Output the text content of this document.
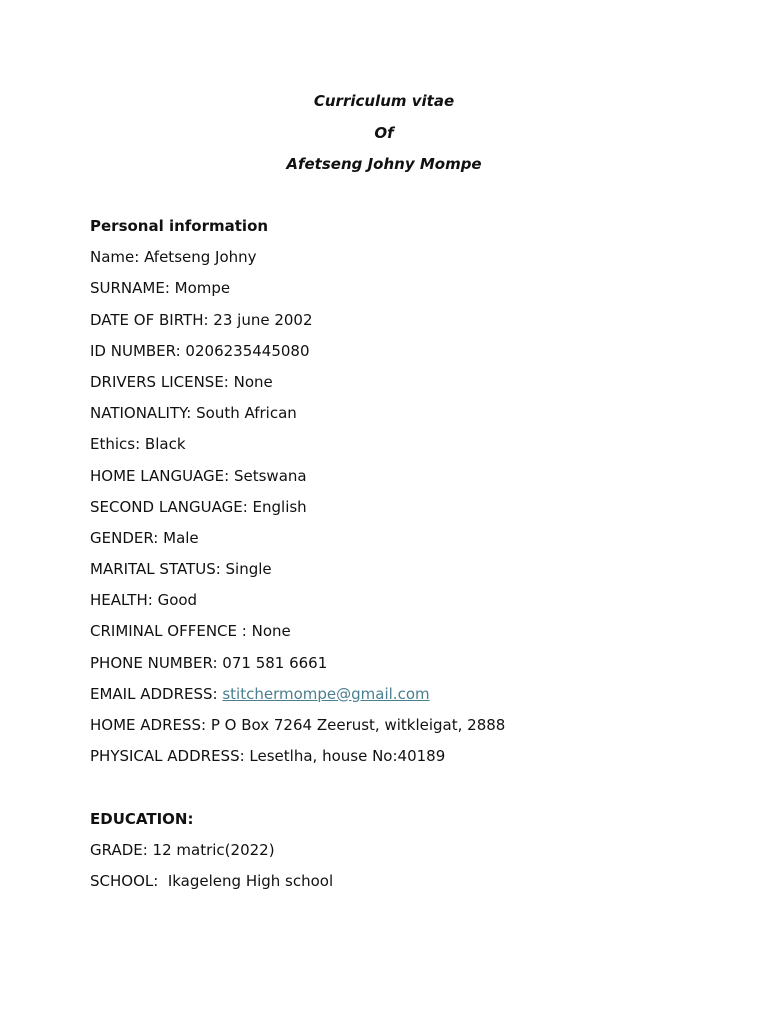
Curriculum vitae
Of
Afetseng Johny Mompe
Personal information
Name: Afetseng Johny
SURNAME: Mompe
DATE OF BIRTH: 23 june 2002
ID NUMBER: 0206235445080
DRIVERS LICENSE: None
NATIONALITY: South African
Ethics: Black
HOME LANGUAGE: Setswana
SECOND LANGUAGE: English
GENDER: Male
MARITAL STATUS: Single
HEALTH: Good
CRIMINAL OFFENCE : None
PHONE NUMBER: 071 581 6661
EMAIL ADDRESS: stitchermompe@gmail.com
HOME ADRESS: P O Box 7264 Zeerust, witkleigat, 2888
PHYSICAL ADDRESS: Lesetlha, house No:40189
EDUCATION:
GRADE: 12 matric(2022)
SCHOOL:  Ikageleng High school
